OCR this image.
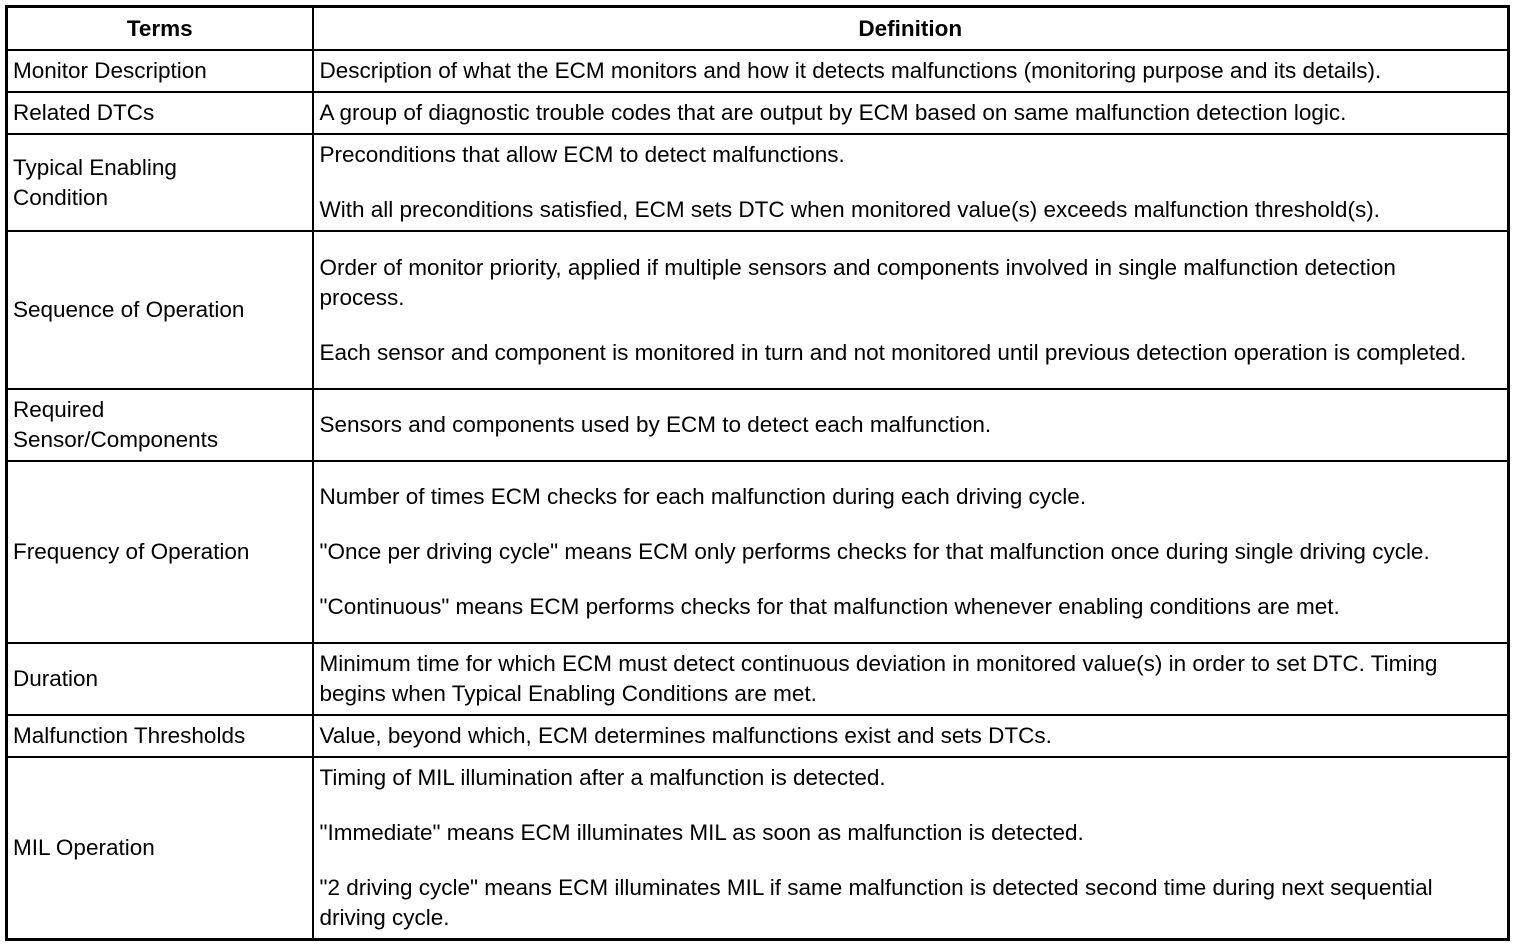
Terms	Definition
Monitor Description	Description of what the ECM monitors and how it detects malfunctions (monitoring purpose and its details).

Related DTCs	A group of diagnostic trouble codes that are output by ECM based on same malfunction detection logic.

Typical Enabling Condition	Preconditions that allow ECM to detect malfunctions.

With all preconditions satisfied, ECM sets DTC when monitored value(s) exceeds malfunction threshold(s).

Sequence of Operation	Order of monitor priority, applied if multiple sensors and components involved in single malfunction detection process.

Each sensor and component is monitored in turn and not monitored until previous detection operation is completed.

Required Sensor/Components	Sensors and components used by ECM to detect each malfunction.

Frequency of Operation	Number of times ECM checks for each malfunction during each driving cycle.

"Once per driving cycle" means ECM only performs checks for that malfunction once during single driving cycle.

"Continuous" means ECM performs checks for that malfunction whenever enabling conditions are met.

Duration	Minimum time for which ECM must detect continuous deviation in monitored value(s) in order to set DTC. Timing begins when Typical Enabling Conditions are met.

Malfunction Thresholds	Value, beyond which, ECM determines malfunctions exist and sets DTCs.

MIL Operation	Timing of MIL illumination after a malfunction is detected.

"Immediate" means ECM illuminates MIL as soon as malfunction is detected.

"2 driving cycle" means ECM illuminates MIL if same malfunction is detected second time during next sequential driving cycle.
